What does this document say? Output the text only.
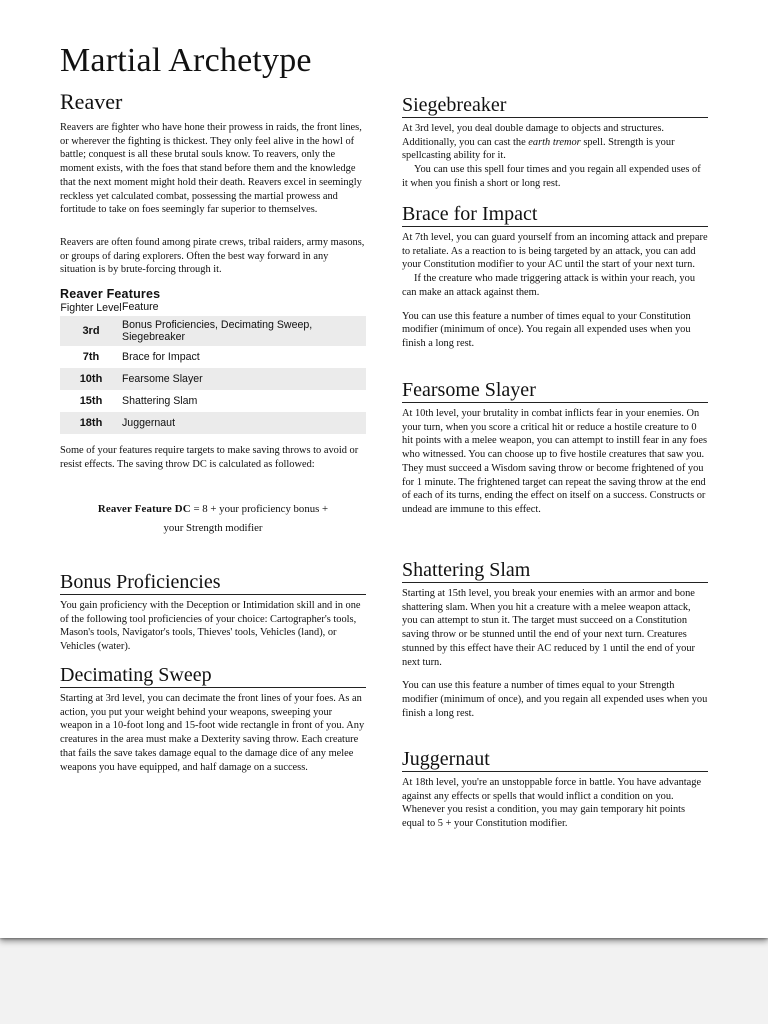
Martial Archetype
Reaver

Reavers are fighter who have hone their prowess in raids, the front lines, or wherever the fighting is thickest. They only feel alive in the howl of battle; conquest is all these brutal souls know. To reavers, only the moment exists, with the foes that stand before them and the knowledge that the next moment might hold their death. Reavers excel in seemingly reckless yet calculated combat, possessing the martial prowess and fortitude to take on foes seemingly far superior to themselves.

Reavers are often found among pirate crews, tribal raiders, army masons, or groups of daring explorers. Often the best way forward in any situation is by brute-forcing through it.

Reaver Features
Fighter Level	Feature
3rd	Bonus Proficiencies, Decimating Sweep, Siegebreaker
7th	Brace for Impact
10th	Fearsome Slayer
15th	Shattering Slam
18th	Juggernaut

Some of your features require targets to make saving throws to avoid or resist effects. The saving throw DC is calculated as followed:

Reaver Feature DC = 8 + your proficiency bonus +
your Strength modifier
Bonus Proficiencies

You gain proficiency with the Deception or Intimidation skill and in one of the following tool proficiencies of your choice: Cartographer's tools, Mason's tools, Navigator's tools, Thieves' tools, Vehicles (land), or Vehicles (water).

Decimating Sweep

Starting at 3rd level, you can decimate the front lines of your foes. As an action, you put your weight behind your weapons, sweeping your weapon in a 10-foot long and 15-foot wide rectangle in front of you. Any creatures in the area must make a Dexterity saving throw. Each creature that fails the save takes damage equal to the damage dice of any melee weapons you have equipped, and half damage on a success.

Siegebreaker

At 3rd level, you deal double damage to objects and structures. Additionally, you can cast the earth tremor spell. Strength is your spellcasting ability for it.

You can use this spell four times and you regain all expended uses of it when you finish a short or long rest.

Brace for Impact

At 7th level, you can guard yourself from an incoming attack and prepare to retaliate. As a reaction to is being targeted by an attack, you can add your Constitution modifier to your AC until the start of your next turn.

If the creature who made triggering attack is within your reach, you can make an attack against them.

You can use this feature a number of times equal to your Constitution modifier (minimum of once). You regain all expended uses when you finish a long rest.

Fearsome Slayer

At 10th level, your brutality in combat inflicts fear in your enemies. On your turn, when you score a critical hit or reduce a hostile creature to 0 hit points with a melee weapon, you can attempt to instill fear in any foes who witnessed. You can choose up to five hostile creatures that saw you. They must succeed a Wisdom saving throw or become frightened of you for 1 minute. The frightened target can repeat the saving throw at the end of each of its turns, ending the effect on itself on a success. Constructs or undead are immune to this effect.

Shattering Slam

Starting at 15th level, you break your enemies with an armor and bone shattering slam. When you hit a creature with a melee weapon attack, you can attempt to stun it. The target must succeed on a Constitution saving throw or be stunned until the end of your next turn. Creatures stunned by this effect have their AC reduced by 1 until the end of your next turn.

You can use this feature a number of times equal to your Strength modifier (minimum of once), and you regain all expended uses when you finish a long rest.

Juggernaut

At 18th level, you're an unstoppable force in battle. You have advantage against any effects or spells that would inflict a condition on you. Whenever you resist a condition, you may gain temporary hit points equal to 5 + your Constitution modifier.
